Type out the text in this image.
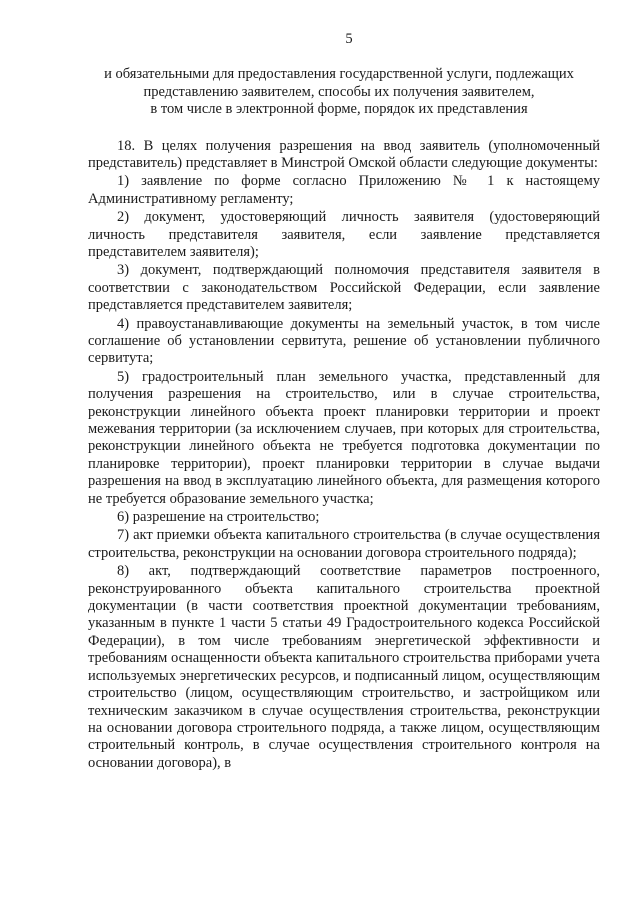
5
и обязательными для предоставления государственной услуги, подлежащих
представлению заявителем, способы их получения заявителем,
в том числе в электронной форме, порядок их представления

18. В целях получения разрешения на ввод заявитель (уполномоченный представитель) представляет в Минстрой Омской области следующие документы:

1) заявление по форме согласно Приложению № 1 к настоящему Административному регламенту;

2) документ, удостоверяющий личность заявителя (удостоверяющий личность представителя заявителя, если заявление представляется представителем заявителя);

3) документ, подтверждающий полномочия представителя заявителя в соответствии с законодательством Российской Федерации, если заявление представляется представителем заявителя;

4) правоустанавливающие документы на земельный участок, в том числе соглашение об установлении сервитута, решение об установлении публичного сервитута;

5) градостроительный план земельного участка, представленный для получения разрешения на строительство, или в случае строительства, реконструкции линейного объекта проект планировки территории и проект межевания территории (за исключением случаев, при которых для строительства, реконструкции линейного объекта не требуется подготовка документации по планировке территории), проект планировки территории в случае выдачи разрешения на ввод в эксплуатацию линейного объекта, для размещения которого не требуется образование земельного участка;

6) разрешение на строительство;

7) акт приемки объекта капитального строительства (в случае осуществления строительства, реконструкции на основании договора строительного подряда);

8) акт, подтверждающий соответствие параметров построенного, реконструированного объекта капитального строительства проектной документации (в части соответствия проектной документации требованиям, указанным в пункте 1 части 5 статьи 49 Градостроительного кодекса Российской Федерации), в том числе требованиям энергетической эффективности и требованиям оснащенности объекта капитального строительства приборами учета используемых энергетических ресурсов, и подписанный лицом, осуществляющим строительство (лицом, осуществляющим строительство, и застройщиком или техническим заказчиком в случае осуществления строительства, реконструкции на основании договора строительного подряда, а также лицом, осуществляющим строительный контроль, в случае осуществления строительного контроля на основании договора), в
